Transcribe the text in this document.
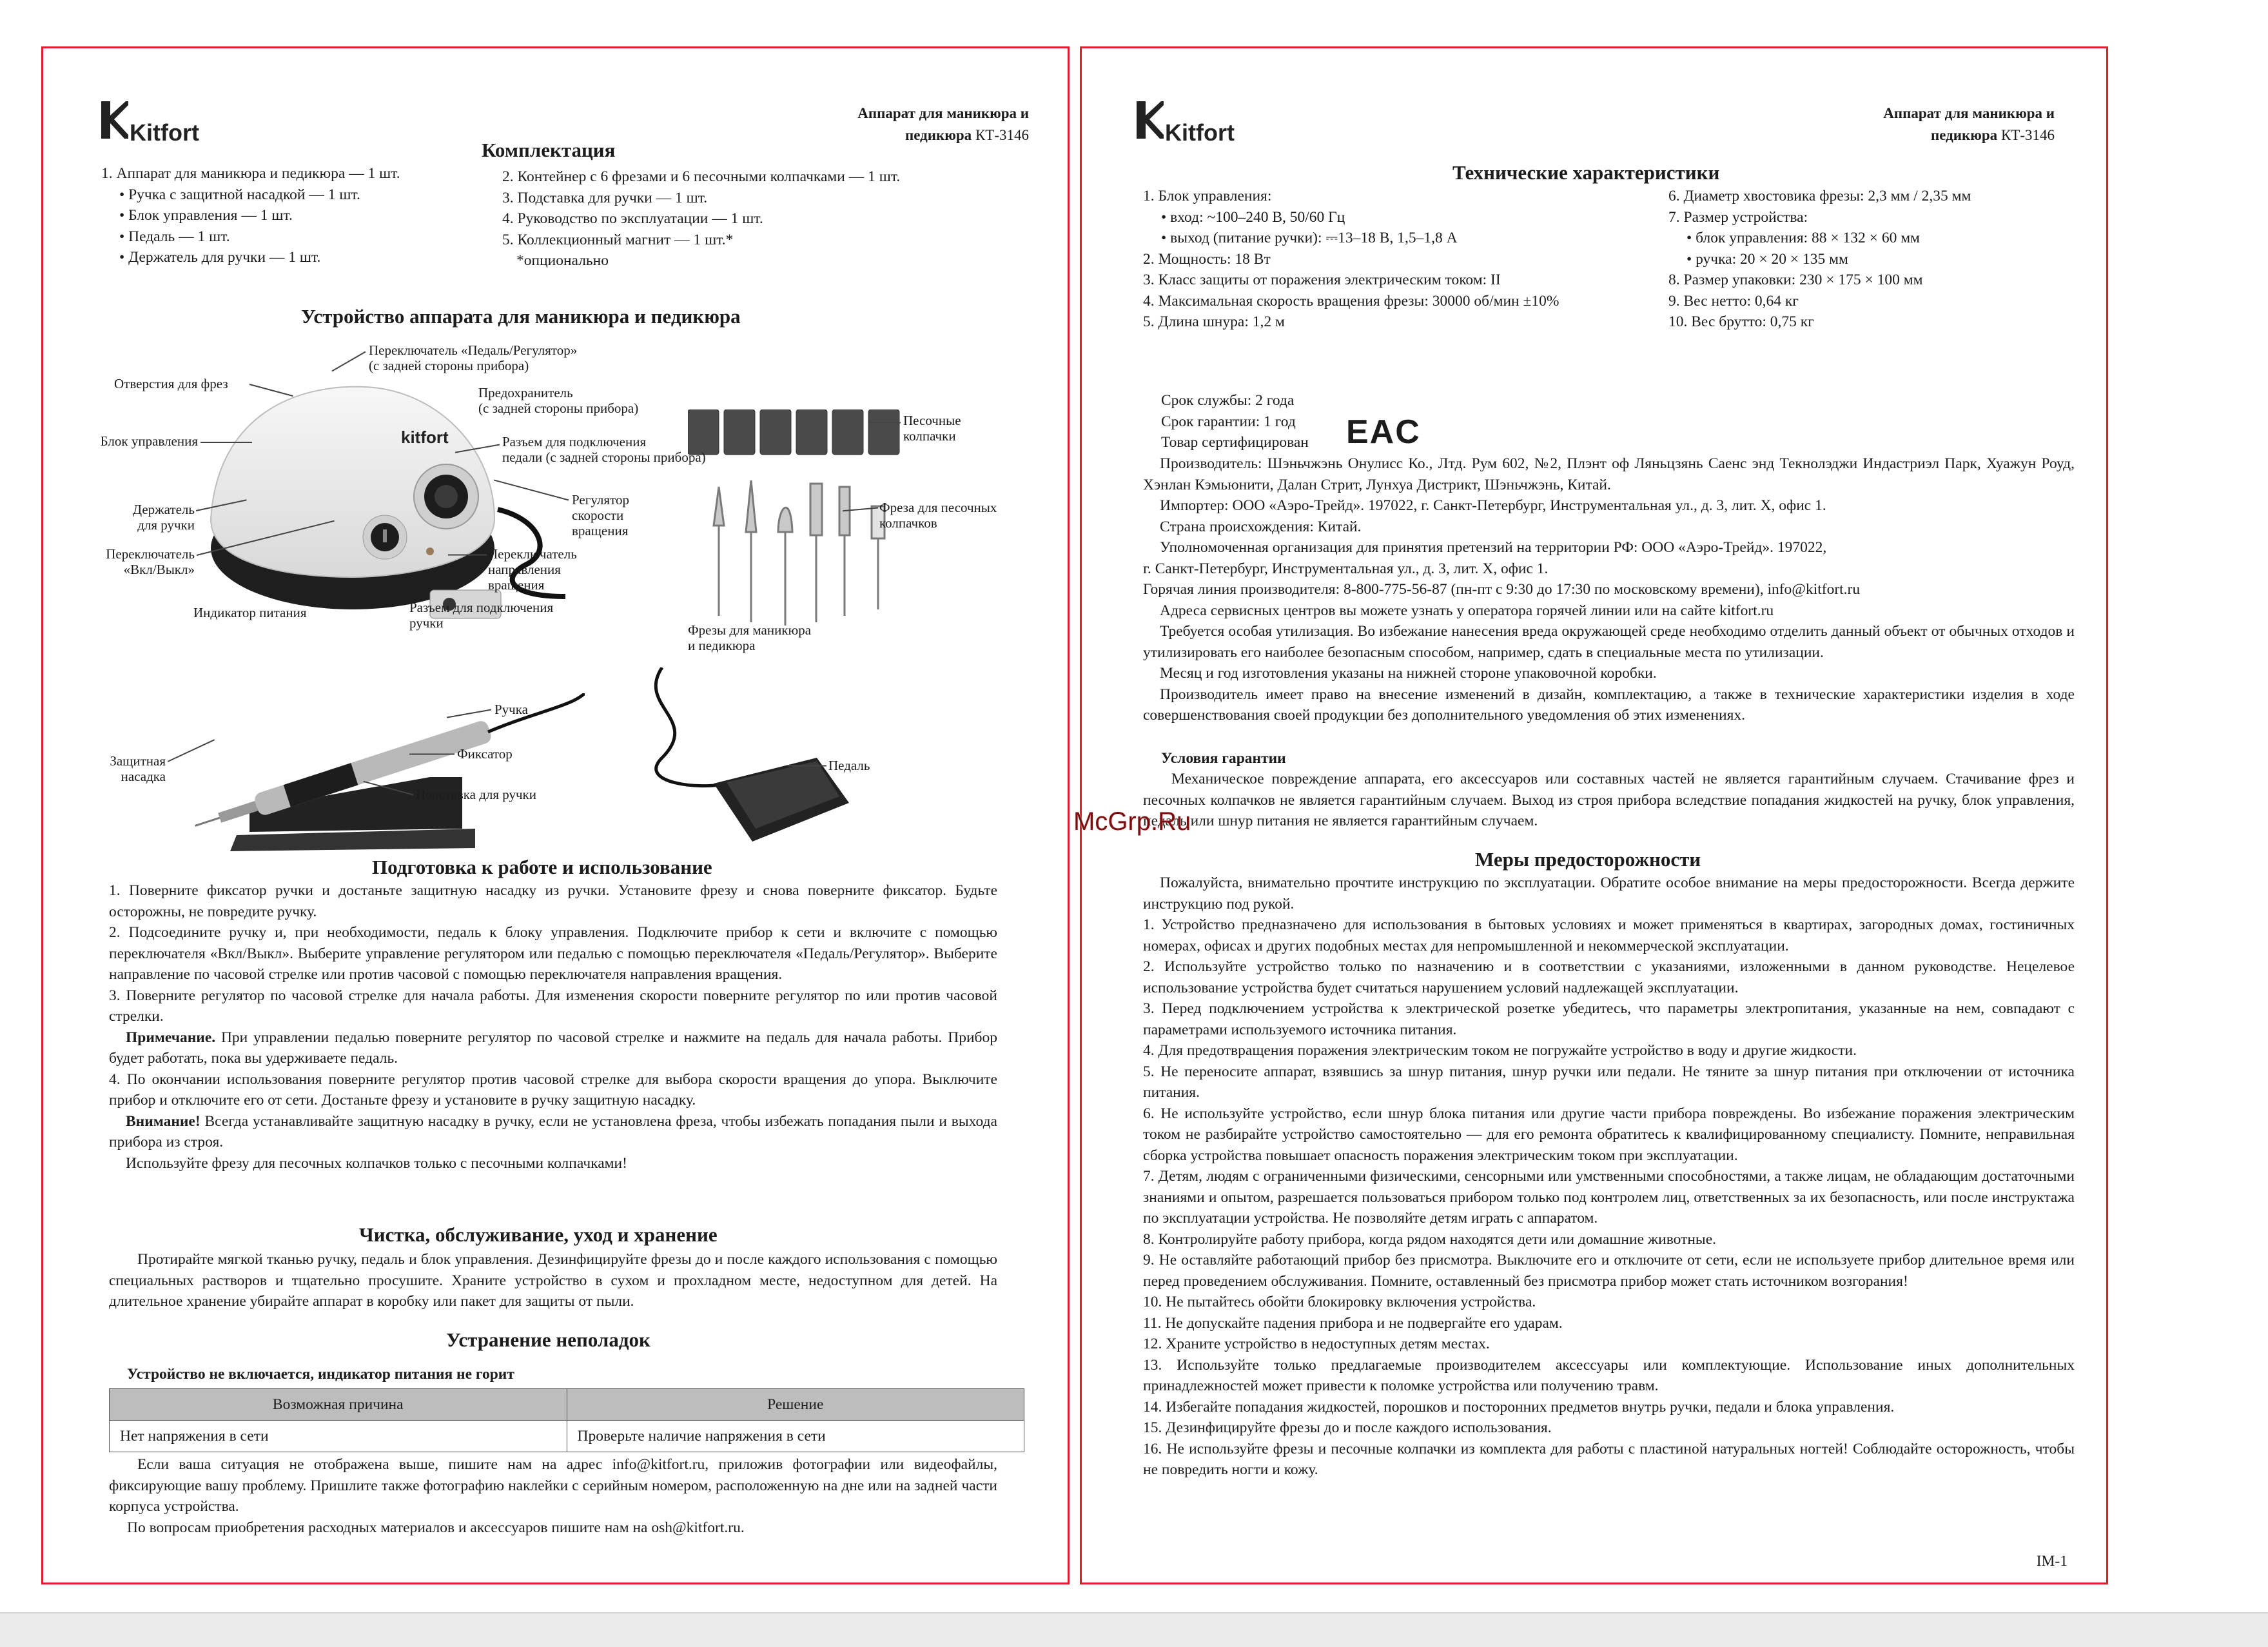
Kitfort
Аппарат для маникюра и
педикюра КТ-3146
Комплектация

1. Аппарат для маникюра и педикюра — 1 шт.

• Ручка с защитной насадкой — 1 шт.

• Блок управления — 1 шт.

• Педаль — 1 шт.

• Держатель для ручки — 1 шт.

2. Контейнер с 6 фрезами и 6 песочными колпачками — 1 шт.

3. Подставка для ручки — 1 шт.

4. Руководство по эксплуатации — 1 шт.

5. Коллекционный магнит — 1 шт.*

*опционально

Устройство аппарата для маникюра и педикюра
kitfort
Отверстия для фрез
Переключатель «Педаль/Регулятор»
(с задней стороны прибора)
Предохранитель
(с задней стороны прибора)
Блок управления	Разъем для подключения
педали (с задней стороны прибора)
Держатель
для ручки
Регулятор
скорости
вращения
Переключатель
«Вкл/Выкл»
Переключатель
направления
вращения
Индикатор питания	Разъем для подключения
ручки
Песочные
колпачки
Фреза для песочных
колпачков
Фрезы для маникюра
и педикюра
Ручка
Защитная
насадка
Фиксатор
Подставка для ручки
Педаль
Подготовка к работе и использование

1. Поверните фиксатор ручки и достаньте защитную насадку из ручки. Установите фрезу и снова поверните фиксатор. Будьте осторожны, не повредите ручку.

2. Подсоедините ручку и, при необходимости, педаль к блоку управления. Подключите прибор к сети и включите с помощью переключателя «Вкл/Выкл». Выберите управление регулятором или педалью с помощью переключателя «Педаль/Регулятор». Выберите направление по часовой стрелке или против часовой с помощью переключателя направления вращения.

3. Поверните регулятор по часовой стрелке для начала работы. Для изменения скорости поверните регулятор по или против часовой стрелки.

Примечание. При управлении педалью поверните регулятор по часовой стрелке и нажмите на педаль для начала работы. Прибор будет работать, пока вы удерживаете педаль.

4. По окончании использования поверните регулятор против часовой стрелке для выбора скорости вращения до упора. Выключите прибор и отключите его от сети. Достаньте фрезу и установите в ручку защитную насадку.

Внимание! Всегда устанавливайте защитную насадку в ручку, если не установлена фреза, чтобы избежать попадания пыли и выхода прибора из строя.

Используйте фрезу для песочных колпачков только с песочными колпачками!

Чистка, обслуживание, уход и хранение

Протирайте мягкой тканью ручку, педаль и блок управления. Дезинфицируйте фрезы до и после каждого использования с помощью специальных растворов и тщательно просушите. Храните устройство в сухом и прохладном месте, недоступном для детей. На длительное хранение убирайте аппарат в коробку или пакет для защиты от пыли.

Устранение неполадок
Устройство не включается, индикатор питания не горит
Возможная причина	Решение
Нет напряжения в сети	Проверьте наличие напряжения в сети

Если ваша ситуация не отображена выше, пишите нам на адрес info@kitfort.ru, приложив фотографии или видеофайлы, фиксирующие вашу проблему. Пришлите также фотографию наклейки с серийным номером, расположенную на дне или на задней части корпуса устройства.

По вопросам приобретения расходных материалов и аксессуаров пишите нам на osh@kitfort.ru.

Kitfort
Аппарат для маникюра и
педикюра КТ-3146
Технические характеристики

1. Блок управления:

• вход: ~100–240 В, 50/60 Гц

• выход (питание ручки): ⎓13–18 В, 1,5–1,8 А

2. Мощность: 18 Вт

3. Класс защиты от поражения электрическим током: II

4. Максимальная скорость вращения фрезы: 30000 об/мин ±10%

5. Длина шнура: 1,2 м

6. Диаметр хвостовика фрезы: 2,3 мм / 2,35 мм

7. Размер устройства:

• блок управления: 88 × 132 × 60 мм

• ручка: 20 × 20 × 135 мм

8. Размер упаковки: 230 × 175 × 100 мм

9. Вес нетто: 0,64 кг

10. Вес брутто: 0,75 кг

Срок службы: 2 года

Срок гарантии: 1 год

Товар сертифицирован	EAC

Производитель: Шэньчжэнь Онулисс Ко., Лтд. Рум 602, №2, Плэнт оф Ляньцзянь Саенс энд Текнолэджи Индастриэл Парк, Хуажун Роуд, Хэнлан Кэмьюнити, Далан Стрит, Лунхуа Дистрикт, Шэньчжэнь, Китай.

Импортер: ООО «Аэро-Трейд». 197022, г. Санкт-Петербург, Инструментальная ул., д. 3, лит. Х, офис 1.

Страна происхождения: Китай.

Уполномоченная организация для принятия претензий на территории РФ: ООО «Аэро-Трейд». 197022,

г. Санкт-Петербург, Инструментальная ул., д. 3, лит. Х, офис 1.

Горячая линия производителя: 8-800-775-56-87 (пн-пт с 9:30 до 17:30 по московскому времени), info@kitfort.ru

Адреса сервисных центров вы можете узнать у оператора горячей линии или на сайте kitfort.ru

Требуется особая утилизация. Во избежание нанесения вреда окружающей среде необходимо отделить данный объект от обычных отходов и утилизировать его наиболее безопасным способом, например, сдать в специальные места по утилизации.

Месяц и год изготовления указаны на нижней стороне упаковочной коробки.

Производитель имеет право на внесение изменений в дизайн, комплектацию, а также в технические характеристики изделия в ходе совершенствования своей продукции без дополнительного уведомления об этих изменениях.

Условия гарантии

Механическое повреждение аппарата, его аксессуаров или составных частей не является гарантийным случаем. Стачивание фрез и песочных колпачков не является гарантийным случаем. Выход из строя прибора вследствие попадания жидкостей на ручку, блок управления, педаль или шнур питания не является гарантийным случаем.

Меры предосторожности

Пожалуйста, внимательно прочтите инструкцию по эксплуатации. Обратите особое внимание на меры предосторожности. Всегда держите инструкцию под рукой.

1. Устройство предназначено для использования в бытовых условиях и может применяться в квартирах, загородных домах, гостиничных номерах, офисах и других подобных местах для непромышленной и некоммерческой эксплуатации.

2. Используйте устройство только по назначению и в соответствии с указаниями, изложенными в данном руководстве. Нецелевое использование устройства будет считаться нарушением условий надлежащей эксплуатации.

3. Перед подключением устройства к электрической розетке убедитесь, что параметры электропитания, указанные на нем, совпадают с параметрами используемого источника питания.

4. Для предотвращения поражения электрическим током не погружайте устройство в воду и другие жидкости.

5. Не переносите аппарат, взявшись за шнур питания, шнур ручки или педали. Не тяните за шнур питания при отключении от источника питания.

6. Не используйте устройство, если шнур блока питания или другие части прибора повреждены. Во избежание поражения электрическим током не разбирайте устройство самостоятельно — для его ремонта обратитесь к квалифицированному специалисту. Помните, неправильная сборка устройства повышает опасность поражения электрическим током при эксплуатации.

7. Детям, людям с ограниченными физическими, сенсорными или умственными способностями, а также лицам, не обладающим достаточными знаниями и опытом, разрешается пользоваться прибором только под контролем лиц, ответственных за их безопасность, или после инструктажа по эксплуатации устройства. Не позволяйте детям играть с аппаратом.

8. Контролируйте работу прибора, когда рядом находятся дети или домашние животные.

9. Не оставляйте работающий прибор без присмотра. Выключите его и отключите от сети, если не используете прибор длительное время или перед проведением обслуживания. Помните, оставленный без присмотра прибор может стать источником возгорания!

10. Не пытайтесь обойти блокировку включения устройства.

11. Не допускайте падения прибора и не подвергайте его ударам.

12. Храните устройство в недоступных детям местах.

13. Используйте только предлагаемые производителем аксессуары или комплектующие. Использование иных дополнительных принадлежностей может привести к поломке устройства или получению травм.

14. Избегайте попадания жидкостей, порошков и посторонних предметов внутрь ручки, педали и блока управления.

15. Дезинфицируйте фрезы до и после каждого использования.

16. Не используйте фрезы и песочные колпачки из комплекта для работы с пластиной натуральных ногтей! Соблюдайте осторожность, чтобы не повредить ногти и кожу.

IM-1
McGrp.Ru
